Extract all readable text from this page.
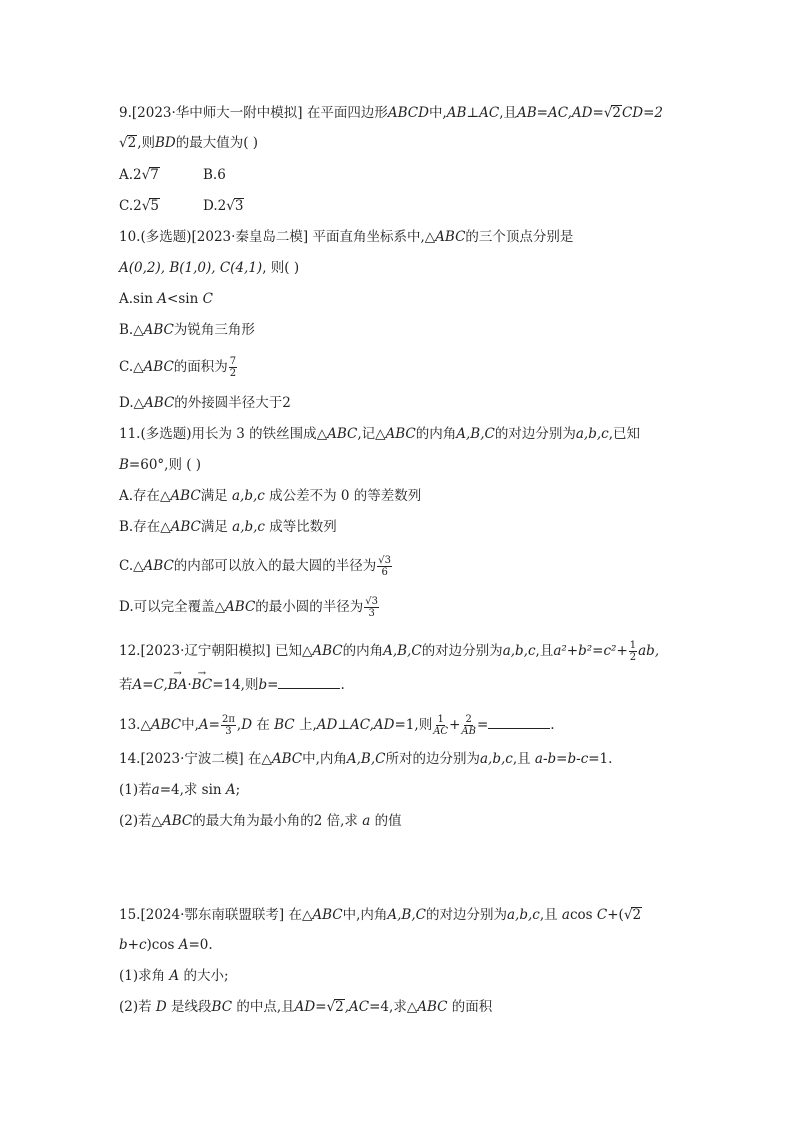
9.[2023·华中师大一附中模拟] 在平面四边形ABCD中,AB⊥AC,且AB=AC,AD=√2CD=2
√2,则BD的最大值为( )
A.2√7	B.6
C.2√5	D.2√3
10.(多选题)[2023·秦皇岛二模] 平面直角坐标系中,△ABC的三个顶点分别是
A(0,2), B(1,0), C(4,1), 则( )
A.sin A<sin C
B.△ABC为锐角三角形
C.△ABC的面积为 $\frac{7}{2}$
D.△ABC的外接圆半径大于2
11.(多选题)用长为 3 的铁丝围成△ABC,记△ABC的内角A,B,C的对边分别为a,b,c,已知
B=60°,则 ( )
A.存在△ABC满足 a,b,c 成公差不为 0 的等差数列
B.存在△ABC满足 a,b,c 成等比数列
C.△ABC的内部可以放入的最大圆的半径为 $\frac{√3}{6}$
D.可以完全覆盖△ABC的最小圆的半径为 $\frac{√3}{3}$
12.[2023·辽宁朝阳模拟] 已知△ABC的内角A,B,C的对边分别为a,b,c,且$a^2+b^2=c^2+ \frac{1}{2}$ ab,
若A=C,→ BA·→ BC=14,则b=	.
13.△ABC中$,A= \frac{2\pi}{3} ,D$ 在 BC 上,AD⊥AC,AD=1,则 $\frac{1}{AC} + \frac{2}{AB}$ =	.
14.[2023·宁波二模] 在△ABC中,内角A,B,C所对的边分别为a,b,c,且 a-b=b-c=1.
(1)若a=4,求 sin A;
(2)若△ABC的最大角为最小角的2 倍,求 a 的值
15.[2024·鄂东南联盟联考] 在△ABC中,内角A,B,C的对边分别为a,b,c,且 acos C+(√2
b+c)cos A=0.
(1)求角 A 的大小;
(2)若 D 是线段BC 的中点,且AD=√2,AC=4,求△ABC 的面积
